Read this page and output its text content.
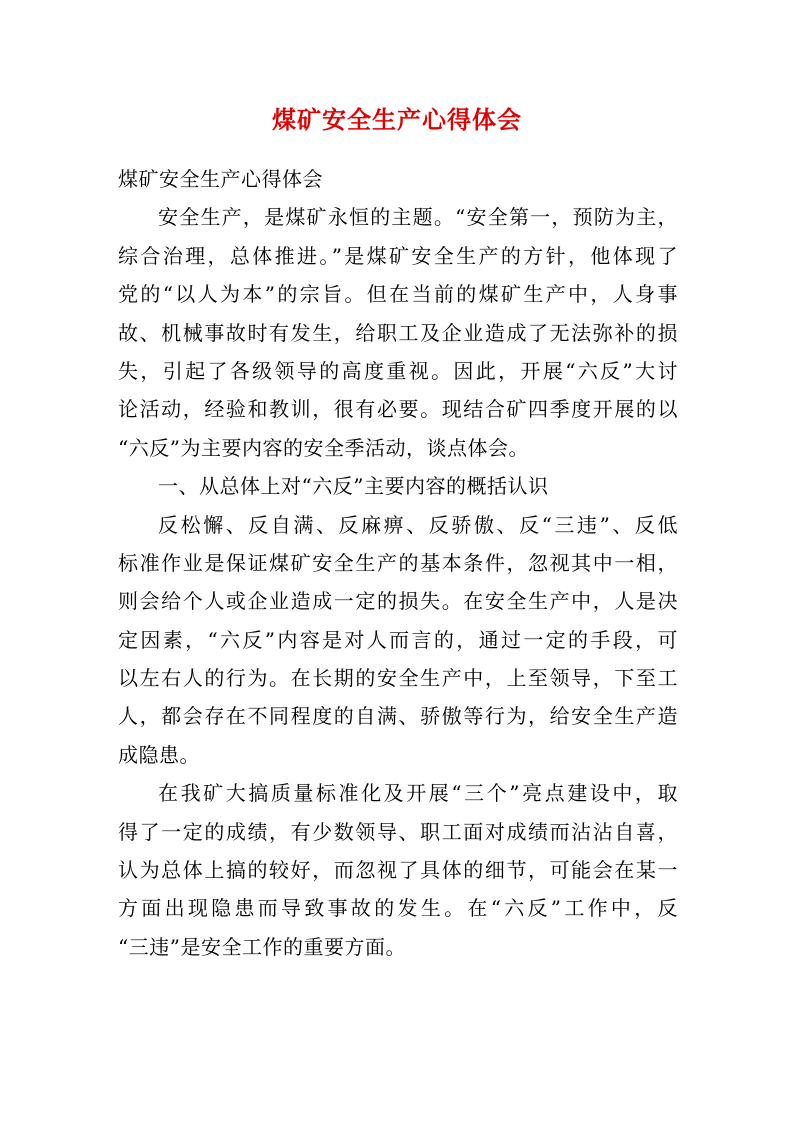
煤矿安全生产心得体会
煤矿安全生产心得体会
安全生产，是煤矿永恒的主题。“安全第一，预防为主，
综合治理，总体推进。”是煤矿安全生产的方针，他体现了
党的“以人为本”的宗旨。但在当前的煤矿生产中，人身事
故、机械事故时有发生，给职工及企业造成了无法弥补的损
失，引起了各级领导的高度重视。因此，开展“六反”大讨
论活动，经验和教训，很有必要。现结合矿四季度开展的以
“六反”为主要内容的安全季活动，谈点体会。
一、从总体上对“六反”主要内容的概括认识
反松懈、反自满、反麻痹、反骄傲、反“三违”、反低
标准作业是保证煤矿安全生产的基本条件，忽视其中一相，
则会给个人或企业造成一定的损失。在安全生产中，人是决
定因素，“六反”内容是对人而言的，通过一定的手段，可
以左右人的行为。在长期的安全生产中，上至领导，下至工
人，都会存在不同程度的自满、骄傲等行为，给安全生产造
成隐患。
在我矿大搞质量标准化及开展“三个”亮点建设中，取
得了一定的成绩，有少数领导、职工面对成绩而沾沾自喜，
认为总体上搞的较好，而忽视了具体的细节，可能会在某一
方面出现隐患而导致事故的发生。在“六反”工作中，反
“三违”是安全工作的重要方面。
